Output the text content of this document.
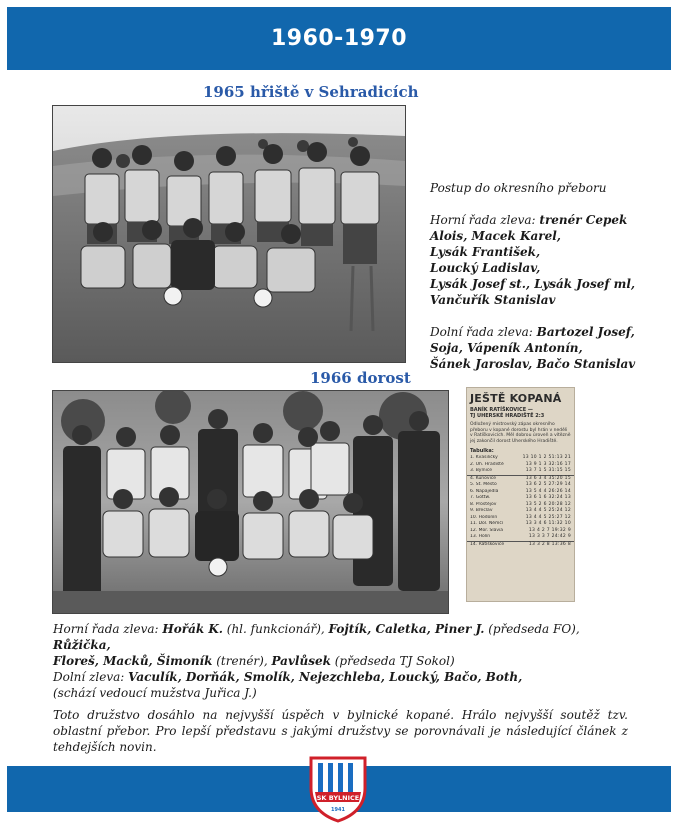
1960-1970
1965 hřiště v Sehradicích

Postup do okresního přeboru

Horní řada zleva: trenér Cepek
Alois, Macek Karel,
Lysák František,
Loucký Ladislav,
Lysák Josef st., Lysák Josef ml,
Vančuřík Stanislav

Dolní řada zleva: Bartozel Josef,
Soja, Vápeník Antonín,
Šánek Jaroslav, Bačo Stanislav

1966 dorost
JEŠTĚ KOPANÁ
BANÍK RATÍŠKOVICE —
TJ UHERSKÉ HRADIŠTĚ 2:3
Odložený mistrovský zápas okresního přeboru v kopané dorostu byl hrán v neděli v Ratíškovicích. Měl dobrou úroveň a vítězně jej zakončil dorost Uherského Hradiště.
Tabulka:
1. Kvasiličky	13 10 1 2 51:13 21
2. Uh. Hradiště	13 9 1 3 32:16 17
3. Bylnice	13 7 1 5 31:15 15
4. Kunovice	13 6 3 4 35:20 15
5. St. Město	13 6 2 5 27:29 14
6. Napajedla	13 5 4 4 26:26 14
7. Gottw.	13 6 1 6 32:24 13
8. Prostějov	13 5 2 6 20:28 12
9. Břeclav	13 4 4 5 25:24 12
10. Hodonín	13 4 4 5 25:27 12
11. Dol. Němčí	13 3 4 6 11:32 10
12. Mor. Slavia	13 4 2 7 19:32 9
13. Holín	13 3 3 7 24:42 9
14. Ratíškovice	13 3 2 8 13:36 8

Horní řada zleva: Hořák K. (hl. funkcionář), Fojtík, Caletka, Piner J. (předseda FO), Růžička,

Floreš, Macků, Šimoník (trenér), Pavlůsek (předseda TJ Sokol)

Dolní zleva: Vaculík, Dorňák, Smolík, Nejezchleba, Loucký, Bačo, Both,

(schází vedoucí mužstva Juřica J.)

Toto družstvo dosáhlo na nejvyšší úspěch v bylnické kopané. Hrálo nejvyšší soutěž tzv. oblastní přebor. Pro lepší představu s jakými družstvy se porovnávali je následující článek z tehdejších novin.

SK BYLNICE
1941
